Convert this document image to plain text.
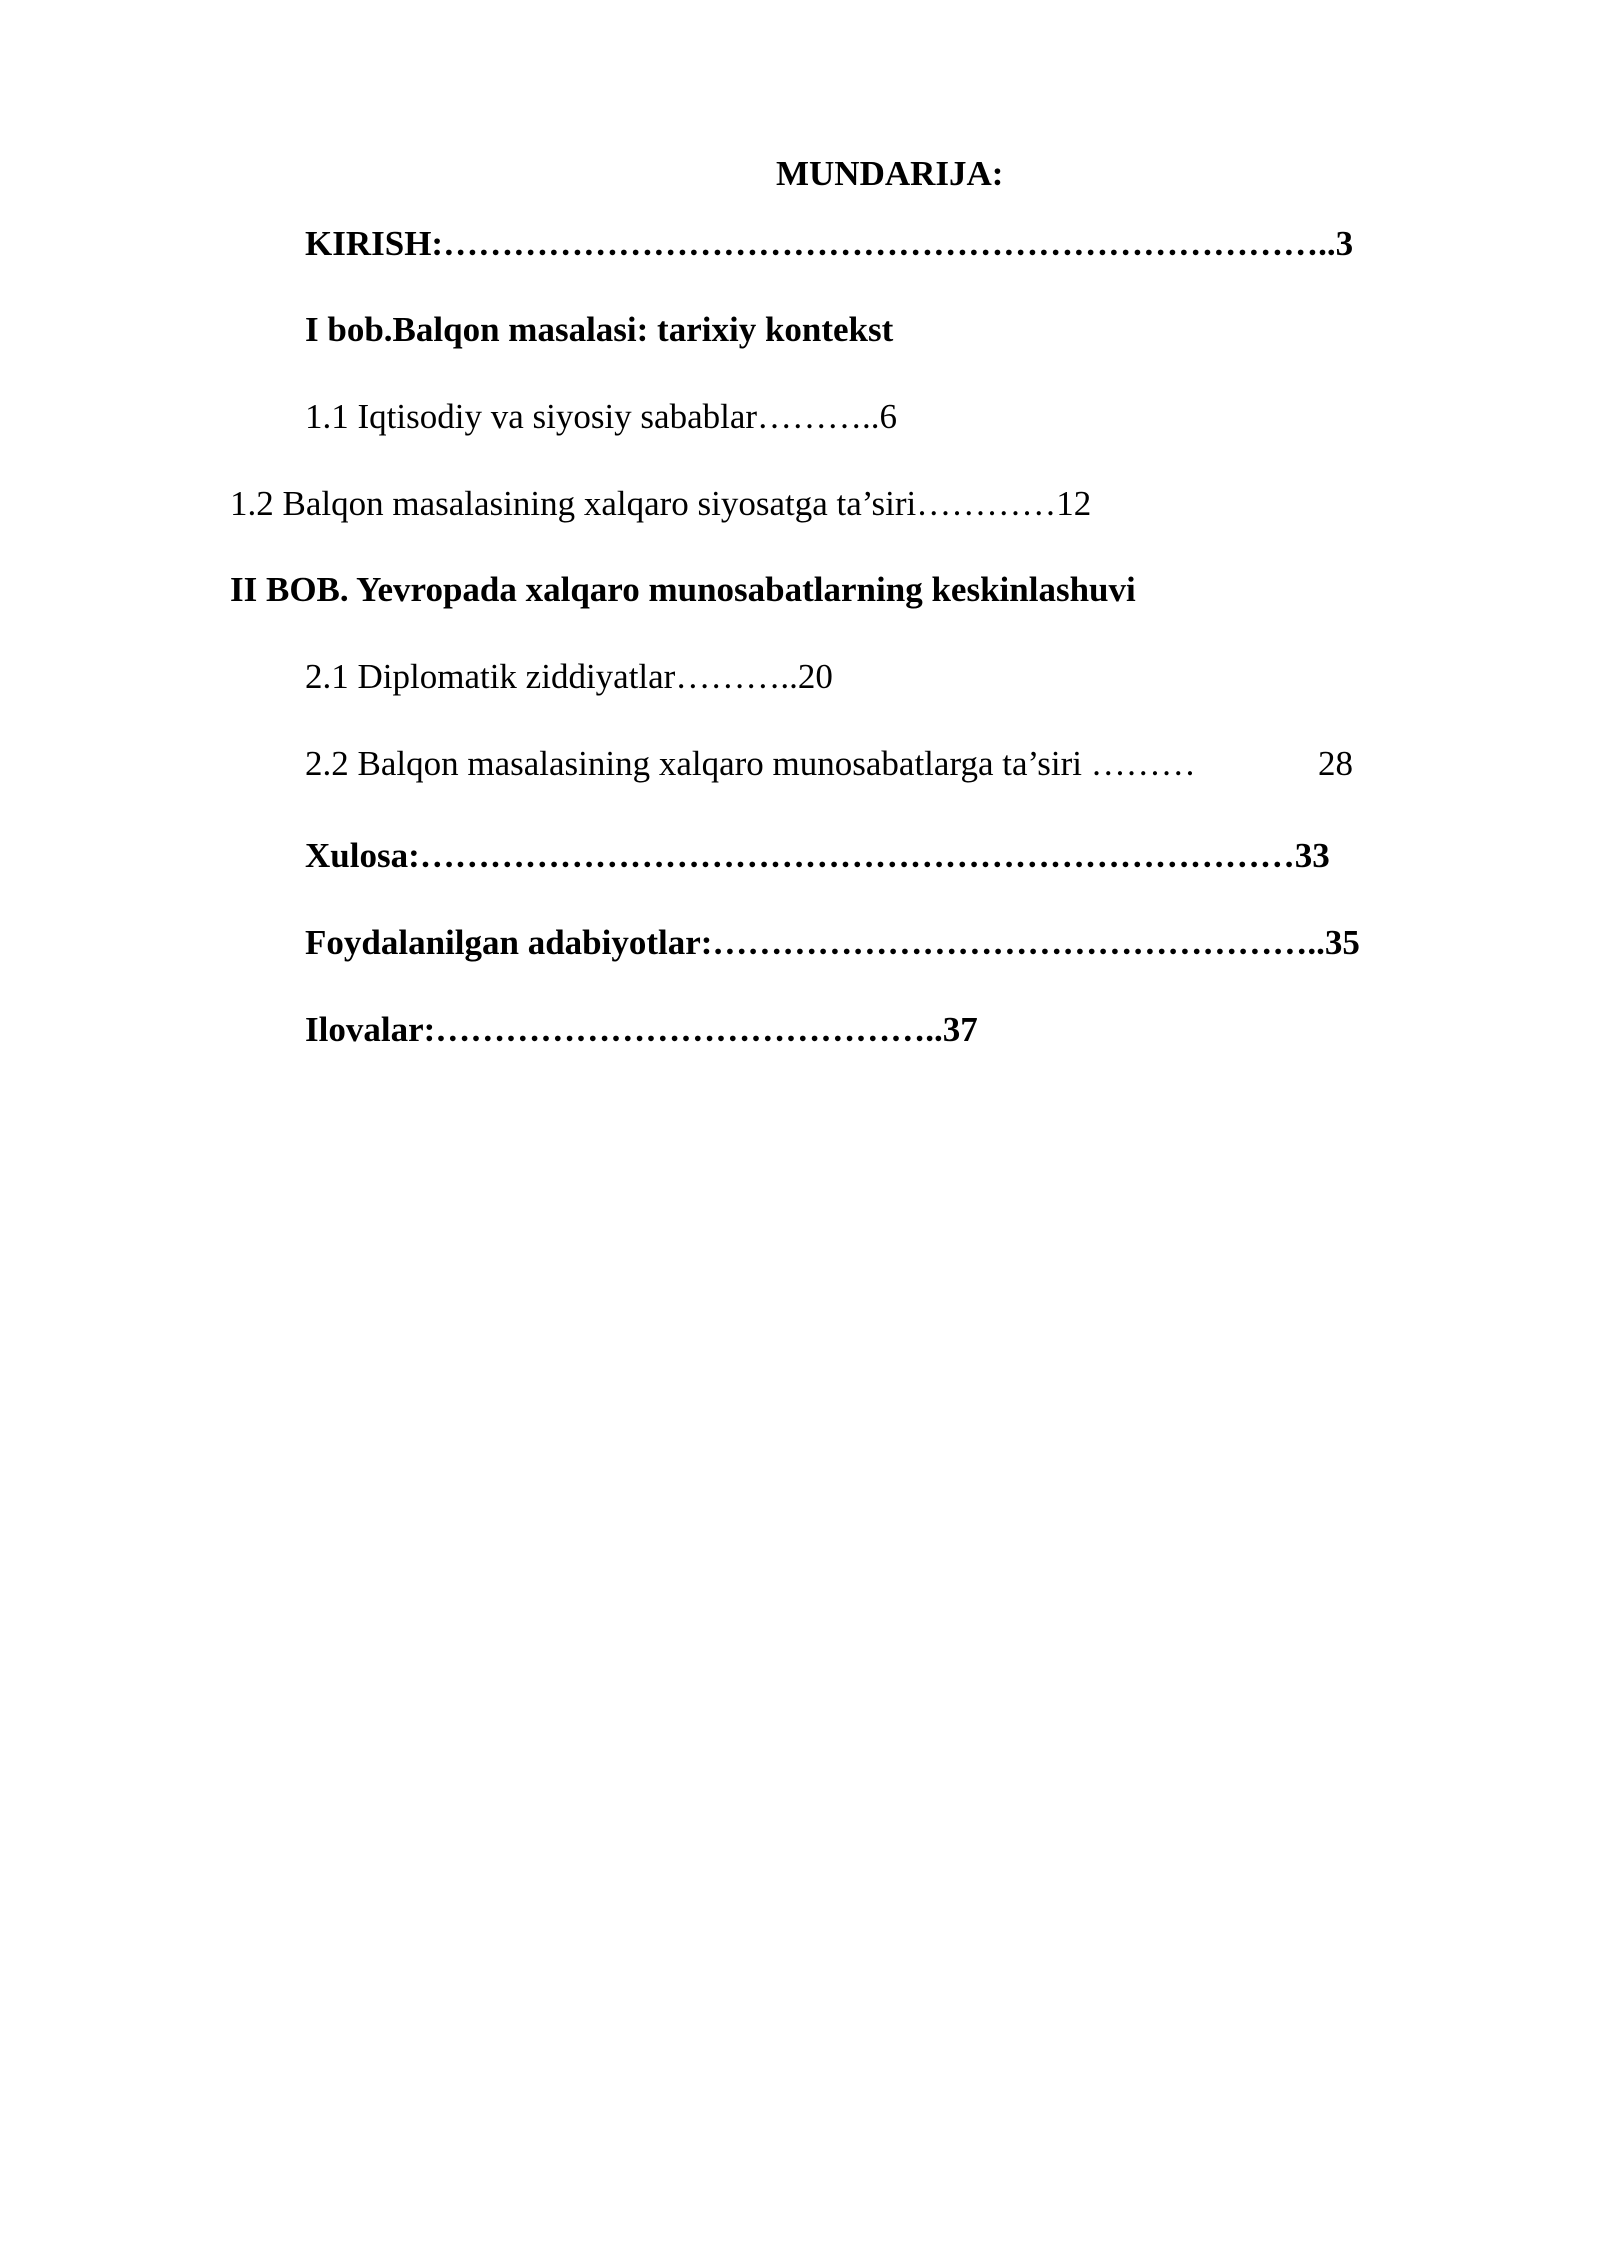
MUNDARIJA:

KIRISH:…………………………………………………………………..3

I bob.Balqon masalasi: tarixiy kontekst

1.1 Iqtisodiy va siyosiy sabablar………..6

1.2 Balqon masalasining xalqaro siyosatga ta’siri…………12

II BOB. Yevropada xalqaro munosabatlarning keskinlashuvi

2.1 Diplomatik ziddiyatlar………..20

2.2 Balqon masalasining xalqaro munosabatlarga ta’siri ………	28

Xulosa:…………………………………………………………………33

Foydalanilgan adabiyotlar:……………………………………………..35

Ilovalar:……………………………………..37
